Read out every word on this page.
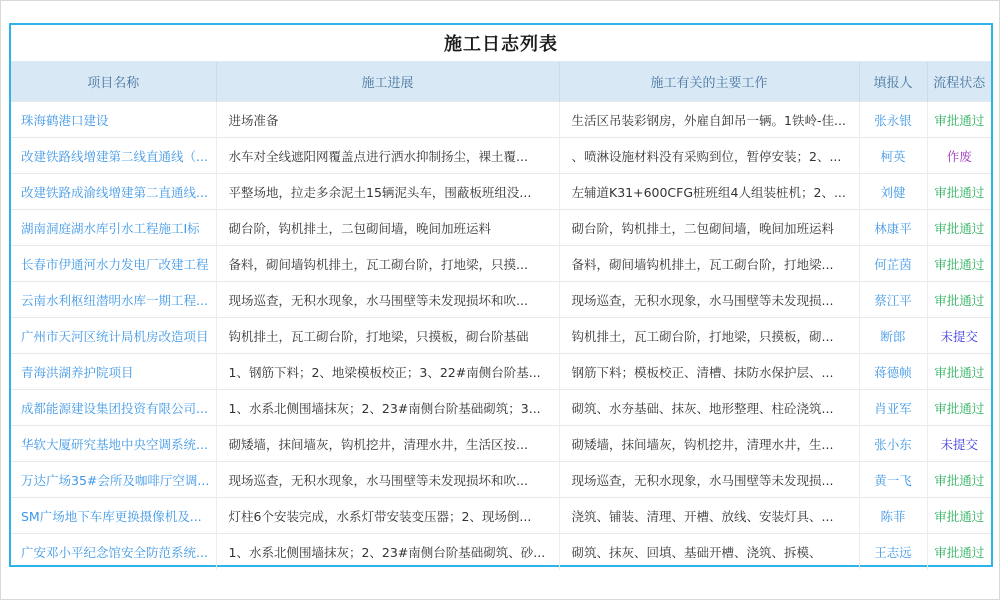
施工日志列表
项目名称	施工进展	施工有关的主要工作	填报人	流程状态
珠海鹤港口建设	进场准备	生活区吊装彩钢房，外雇自卸吊一辆。1铁岭-佳...	张永银	审批通过
改建铁路线增建第二线直通线（...	水车对全线遮阳网覆盖点进行洒水抑制扬尘，裸土覆...	、喷淋设施材料没有采购到位，暂停安装；2、...	柯英	作废
改建铁路成渝线增建第二直通线...	平整场地，拉走多余泥土15辆泥头车，围蔽板班组没...	左辅道K31+600CFG桩班组4人组装桩机；2、...	刘健	审批通过
湖南洞庭湖水库引水工程施工I标	砌台阶，钩机排土，二包砌间墙，晚间加班运料	砌台阶，钩机排土，二包砌间墙，晚间加班运料	林康平	审批通过
长春市伊通河水力发电厂改建工程	备料，砌间墙钩机排土，瓦工砌台阶，打地梁，只摸...	备料，砌间墙钩机排土，瓦工砌台阶，打地梁...	何芷茵	审批通过
云南水利枢纽潜明水库一期工程...	现场巡查，无积水现象，水马围壁等未发现损坏和吹...	现场巡查，无积水现象，水马围壁等未发现损...	蔡江平	审批通过
广州市天河区统计局机房改造项目	钩机排土，瓦工砌台阶，打地梁，只摸板，砌台阶基础	钩机排土，瓦工砌台阶，打地梁，只摸板，砌...	断郎	未提交
青海洪湖养护院项目	1、钢筋下料；2、地梁模板校正；3、22#南侧台阶基...	钢筋下料；模板校正、清槽、抹防水保护层、...	蒋德帧	审批通过
成都能源建设集团投资有限公司...	1、水系北侧围墙抹灰；2、23#南侧台阶基础砌筑；3...	砌筑、水夯基础、抹灰、地形整理、柱砼浇筑...	肖亚军	审批通过
华软大厦研究基地中央空调系统...	砌矮墙，抹间墙灰，钩机挖井，清理水井，生活区按...	砌矮墙，抹间墙灰，钩机挖井，清理水井，生...	张小东	未提交
万达广场35#会所及咖啡厅空调...	现场巡查，无积水现象，水马围壁等未发现损坏和吹...	现场巡查，无积水现象，水马围壁等未发现损...	黄一飞	审批通过
SM广场地下车库更换摄像机及...	灯柱6个安装完成，水系灯带安装变压器；2、现场倒...	浇筑、铺装、清理、开槽、放线、安装灯具、...	陈菲	审批通过
广安邓小平纪念馆安全防范系统...	1、水系北侧围墙抹灰；2、23#南侧台阶基础砌筑、砂...	砌筑、抹灰、回填、基础开槽、浇筑、拆模、	王志远	审批通过
